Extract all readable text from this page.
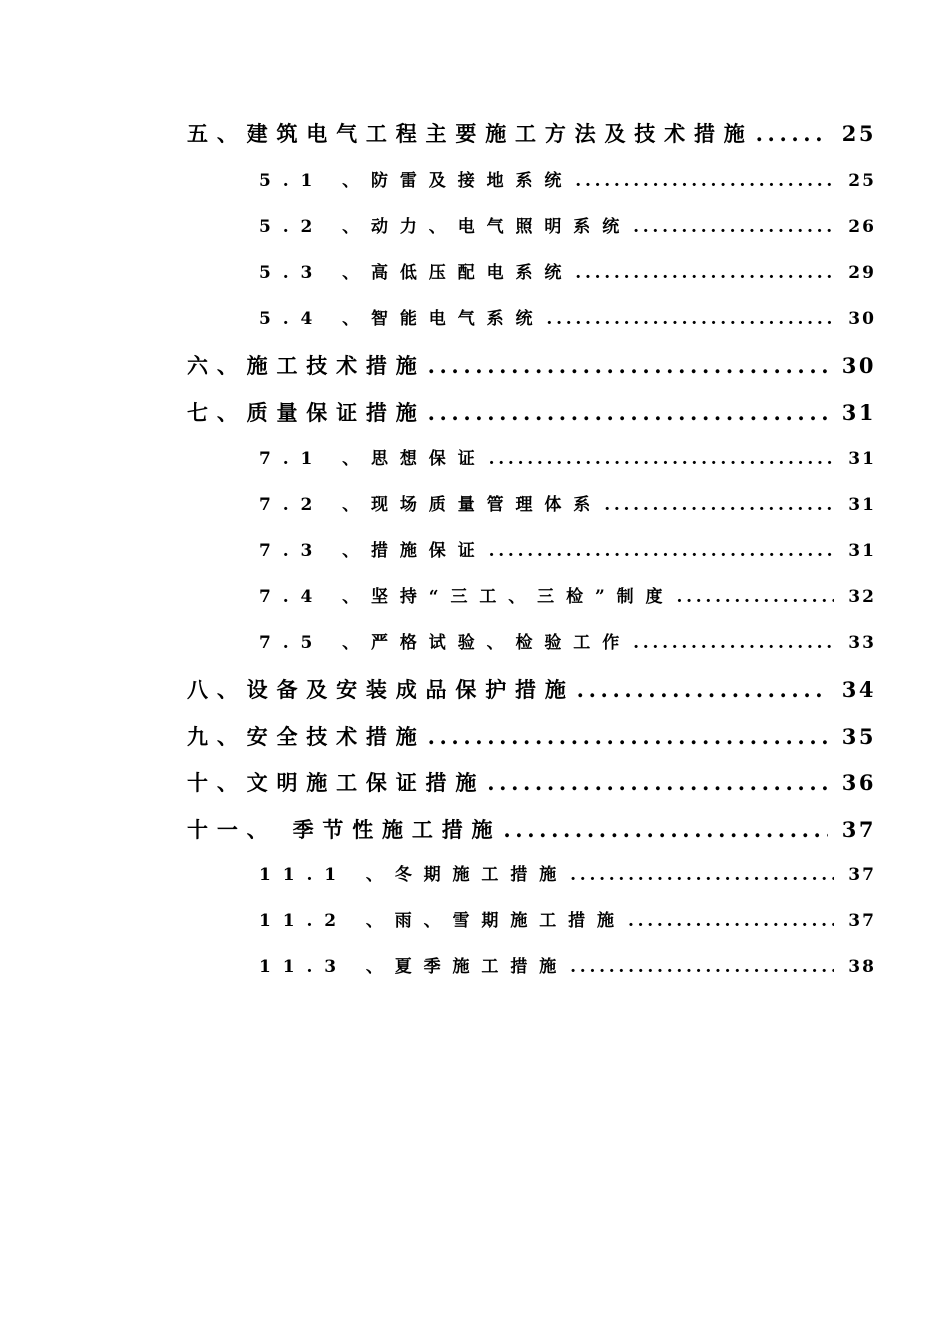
五、建筑电气工程主要施工方法及技术措施 .....	25
5.1 、防雷及接地系统 .....	25
5.2 、动力、电气照明系统 .....	26
5.3 、高低压配电系统 .....	29
5.4 、智能电气系统 .....	30
六、施工技术措施 .....	30
七、质量保证措施 .....	31
7.1 、思想保证 .....	31
7.2 、现场质量管理体系 .....	31
7.3 、措施保证 .....	31
7.4 、坚持“三工、三检”制度 .....	32
7.5 、严格试验、检验工作 .....	33
八、设备及安装成品保护措施 .....	34
九、安全技术措施 .....	35
十、文明施工保证措施 .....	36
十一、 季节性施工措施 .....	37
11.1 、冬期施工措施 .....	37
11.2 、雨、雪期施工措施 .....	37
11.3 、夏季施工措施 .....	38
